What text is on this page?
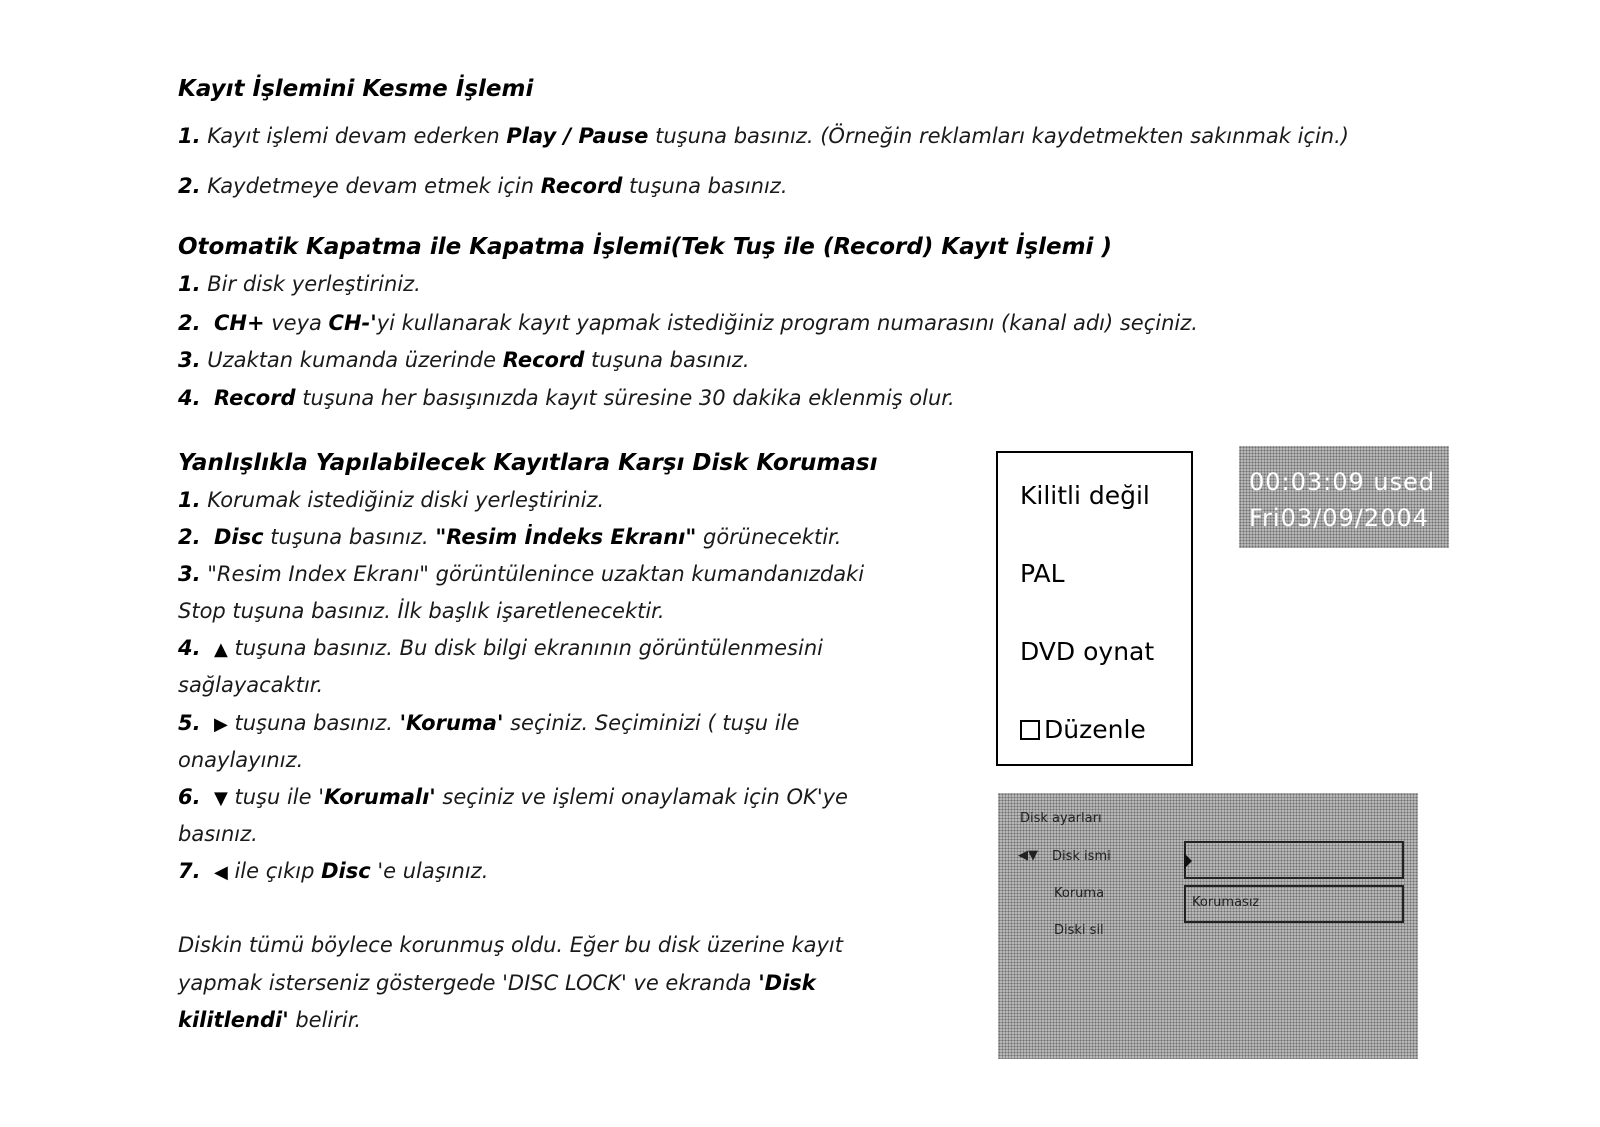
Kayıt İşlemini Kesme İşlemi
1. Kayıt işlemi devam ederken Play / Pause tuşuna basınız. (Örneğin reklamları kaydetmekten sakınmak için.)
2. Kaydetmeye devam etmek için Record tuşuna basınız.
Otomatik Kapatma ile Kapatma İşlemi(Tek Tuş ile (Record) Kayıt İşlemi )
1. Bir disk yerleştiriniz.
2. CH+ veya CH-'yi kullanarak kayıt yapmak istediğiniz program numarasını (kanal adı) seçiniz.
3. Uzaktan kumanda üzerinde Record tuşuna basınız.
4. Record tuşuna her basışınızda kayıt süresine 30 dakika eklenmiş olur.
Yanlışlıkla Yapılabilecek Kayıtlara Karşı Disk Koruması
1. Korumak istediğiniz diski yerleştiriniz.
2. Disc tuşuna basınız. "Resim İndeks Ekranı" görünecektir.
3. "Resim Index Ekranı" görüntülenince uzaktan kumandanızdaki
Stop tuşuna basınız. İlk başlık işaretlenecektir.
4. ▲ tuşuna basınız. Bu disk bilgi ekranının görüntülenmesini
sağlayacaktır.
5. ▶ tuşuna basınız. 'Koruma' seçiniz. Seçiminizi ( tuşu ile
onaylayınız.
6. ▼ tuşu ile 'Korumalı' seçiniz ve işlemi onaylamak için OK'ye
basınız.
7. ◀ ile çıkıp Disc 'e ulaşınız.
Diskin tümü böylece korunmuş oldu. Eğer bu disk üzerine kayıt
yapmak isterseniz göstergede 'DISC LOCK' ve ekranda 'Disk
kilitlendi' belirir.
Kilitli değil
PAL
DVD oynat
Düzenle
00:03:09 used
Fri03/09/2004
Disk ayarları
◀▼ Disk ismi
Koruma
Diski sil
Korumasız
